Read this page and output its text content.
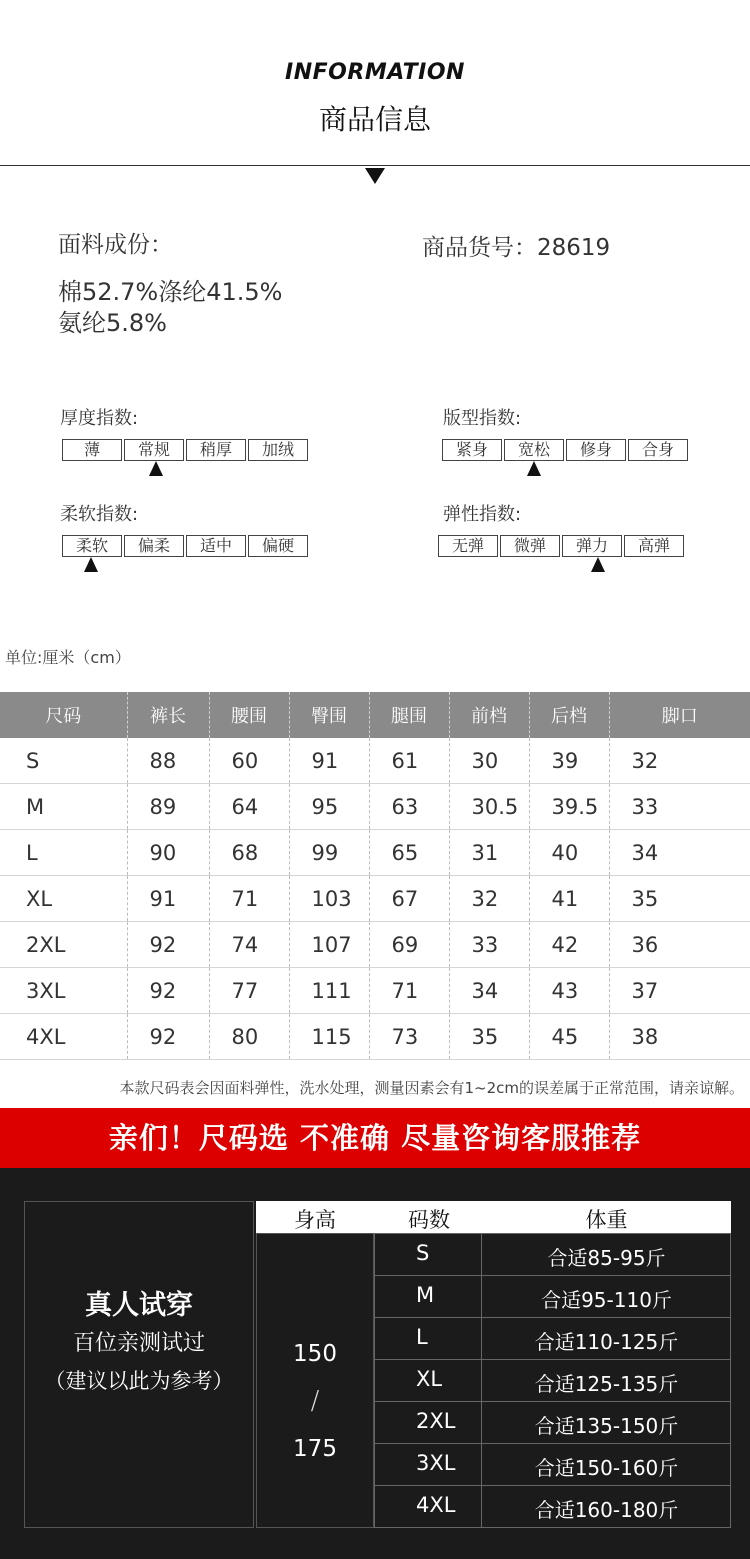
INFORMATION
商品信息
面料成份：
棉52.7%涤纶41.5%
氨纶5.8%
商品货号：28619
厚度指数:
薄	常规	稍厚	加绒
版型指数:
紧身	宽松	修身	合身
柔软指数:
柔软	偏柔	适中	偏硬
弹性指数:
无弹	微弹	弹力	高弹
单位:厘米（cm）
尺码	裤长	腰围	臀围	腿围	前档	后档	脚口
S	88	60	91	61	30	39	32
M	89	64	95	63	30.5	39.5	33
L	90	68	99	65	31	40	34
XL	91	71	103	67	32	41	35
2XL	92	74	107	69	33	42	36
3XL	92	77	111	71	34	43	37
4XL	92	80	115	73	35	45	38
本款尺码表会因面料弹性，洗水处理，测量因素会有1~2cm的误差属于正常范围，请亲谅解。
亲们！尺码选 不准确 尽量咨询客服推荐
真人试穿
百位亲测试过
（建议以此为参考）
身高	码数	体重
150
/
175
S	合适85-95斤
M	合适95-110斤
L	合适110-125斤
XL	合适125-135斤
2XL	合适135-150斤
3XL	合适150-160斤
4XL	合适160-180斤
